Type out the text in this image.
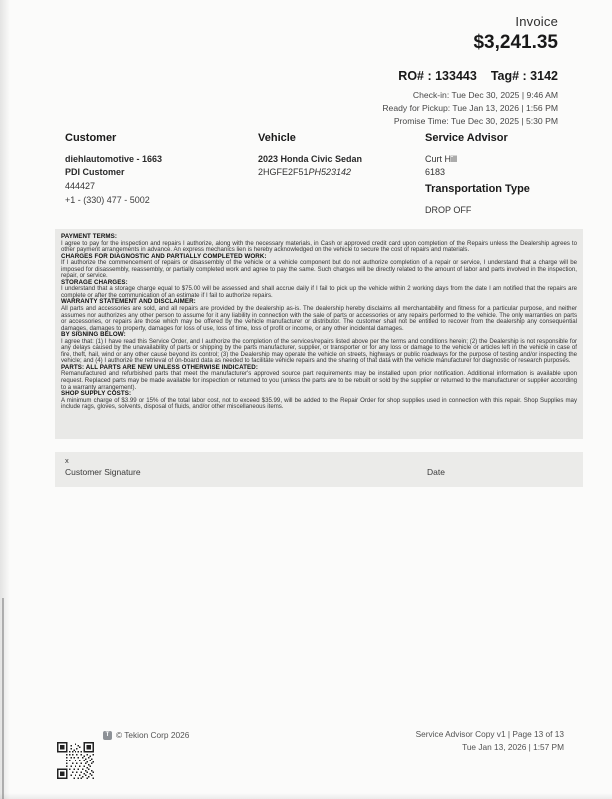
Invoice
$3,241.35
RO# : 133443 Tag# : 3142
Check-in: Tue Dec 30, 2025 | 9:46 AM
Ready for Pickup: Tue Jan 13, 2026 | 1:56 PM
Promise Time: Tue Dec 30, 2025 | 5:30 PM
Customer
diehlautomotive - 1663
PDI Customer
444427
+1 - (330) 477 - 5002
Vehicle
2023 Honda Civic Sedan
2HGFE2F51PH523142
Service Advisor
Curt Hill
6183
Transportation Type
DROP OFF
PAYMENT TERMS:
I agree to pay for the inspection and repairs I authorize, along with the necessary materials, in Cash or approved credit card upon completion of the Repairs unless the Dealership agrees to other payment arrangements in advance. An express mechanics lien is hereby acknowledged on the vehicle to secure the cost of repairs and materials.
CHARGES FOR DIAGNOSTIC AND PARTIALLY COMPLETED WORK:
If I authorize the commencement of repairs or disassembly of the vehicle or a vehicle component but do not authorize completion of a repair or service, I understand that a charge will be imposed for disassembly, reassembly, or partially completed work and agree to pay the same. Such charges will be directly related to the amount of labor and parts involved in the inspection, repair, or service.
STORAGE CHARGES:
I understand that a storage charge equal to $75.00 will be assessed and shall accrue daily if I fail to pick up the vehicle within 2 working days from the date I am notified that the repairs are complete or after the communication of an estimate if I fail to authorize repairs.
WARRANTY STATEMENT AND DISCLAIMER:
All parts and accessories are sold, and all repairs are provided by the dealership as-is. The dealership hereby disclaims all merchantability and fitness for a particular purpose, and neither assumes nor authorizes any other person to assume for it any liability in connection with the sale of parts or accessories or any repairs performed to the vehicle. The only warranties on parts or accessories, or repairs are those which may be offered by the vehicle manufacturer or distributor. The customer shall not be entitled to recover from the dealership any consequential damages, damages to property, damages for loss of use, loss of time, loss of profit or income, or any other incidental damages.
BY SIGNING BELOW:
I agree that: (1) I have read this Service Order, and I authorize the completion of the services/repairs listed above per the terms and conditions herein; (2) the Dealership is not responsible for any delays caused by the unavailability of parts or shipping by the parts manufacturer, supplier, or transporter or for any loss or damage to the vehicle or articles left in the vehicle in case of fire, theft, hail, wind or any other cause beyond its control; (3) the Dealership may operate the vehicle on streets, highways or public roadways for the purpose of testing and/or inspecting the vehicle; and (4) I authorize the retrieval of on-board data as needed to facilitate vehicle repairs and the sharing of that data with the vehicle manufacturer for diagnostic or research purposes.
PARTS: ALL PARTS ARE NEW UNLESS OTHERWISE INDICATED:
Remanufactured and refurbished parts that meet the manufacturer's approved source part requirements may be installed upon prior notification. Additional information is available upon request. Replaced parts may be made available for inspection or returned to you (unless the parts are to be rebuilt or sold by the supplier or returned to the manufacturer or supplier according to a warranty arrangement).
SHOP SUPPLY COSTS:
A minimum charge of $3.99 or 15% of the total labor cost, not to exceed $35.99, will be added to the Repair Order for shop supplies used in connection with this repair. Shop Supplies may include rags, gloves, solvents, disposal of fluids, and/or other miscellaneous items.
x
Customer Signature	Date
T © Tekion Corp 2026	Service Advisor Copy v1 | Page 13 of 13
Tue Jan 13, 2026 | 1:57 PM
